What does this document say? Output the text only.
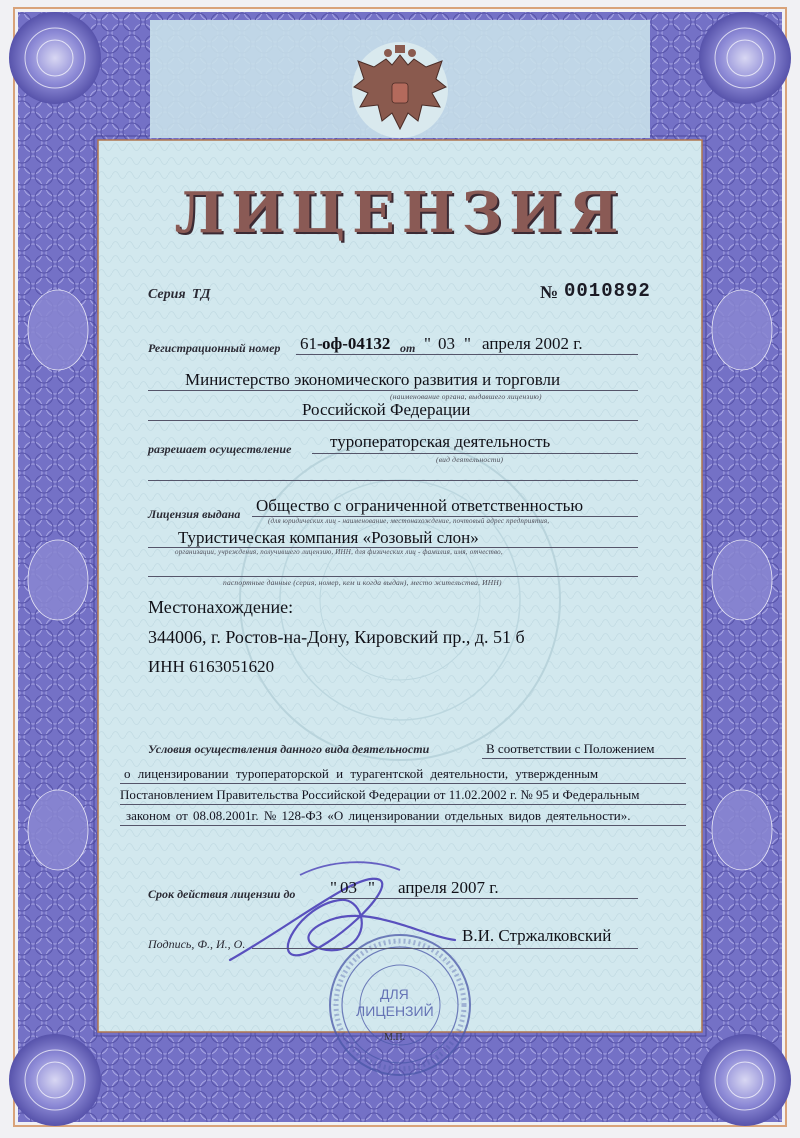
ЛИЦЕНЗИЯ
Серия ТД	№ 0010892
Регистрационный номер 61- оф-04132 от " 03 " апреля 2002 г.
Министерство экономического развития и торговли
(наименование органа, выдавшего лицензию)
Российской Федерации
разрешает осуществление туроператорская деятельность
(вид деятельности)
Лицензия выдана Общество с ограниченной ответственностью
(для юридических лиц - наименование, местонахождение, почтовый адрес предприятия,
Туристическая компания «Розовый слон»
организации, учреждения, получившего лицензию, ИНН, для физических лиц - фамилия, имя, отчество,
паспортные данные (серия, номер, кем и когда выдан), место жительства, ИНН)
Местонахождение:
344006, г. Ростов-на-Дону, Кировский пр., д. 51 б
ИНН 6163051620
Условия осуществления данного вида деятельности	В соответствии с Положением
о лицензировании туроператорской и турагентской деятельности, утвержденным
Постановлением Правительства Российской Федерации от 11.02.2002 г. № 95 и Федеральным
законом от 08.08.2001г. № 128-ФЗ «О лицензировании отдельных видов деятельности».
Срок действия лицензии до " 03 " апреля 2007 г.
Подпись, Ф., И., О.	В.И. Стржалковский
ДЛЯ
ЛИЦЕНЗИЙ
М.П.
